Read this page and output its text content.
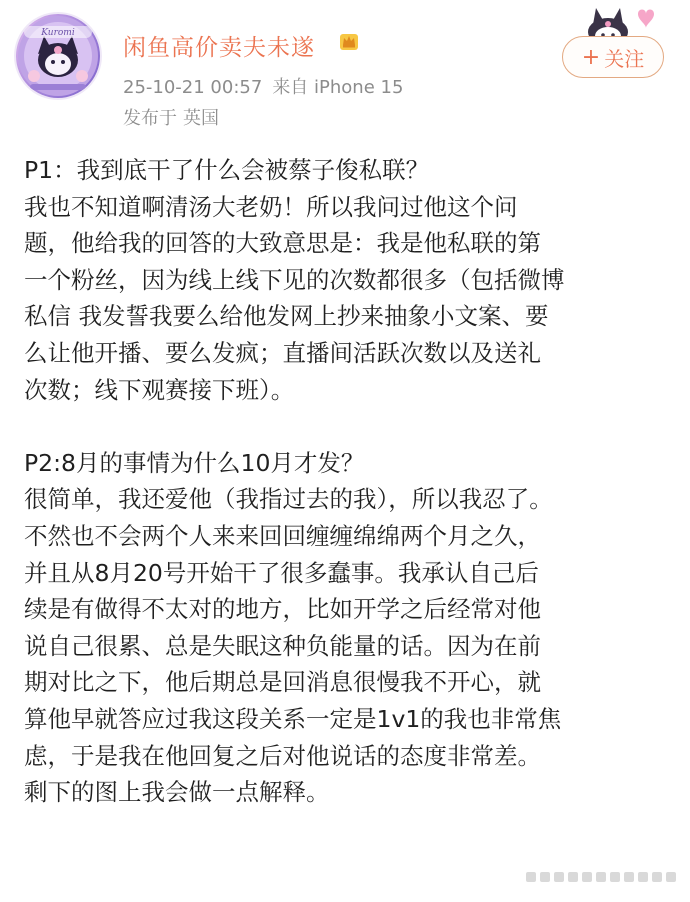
Kuromi
闲鱼高价卖夫未遂
25-10-21 00:57 来自 iPhone 15
发布于 英国
+ 关注

P1：我到底干了什么会被蔡子俊私联？

我也不知道啊清汤大老奶！所以我问过他这个问

题，他给我的回答的大致意思是：我是他私联的第

一个粉丝，因为线上线下见的次数都很多（包括微博

私信 我发誓我要么给他发网上抄来抽象小文案、要

么让他开播、要么发疯；直播间活跃次数以及送礼

次数；线下观赛接下班）。

P2:8月的事情为什么10月才发？

很简单，我还爱他（我指过去的我），所以我忍了。

不然也不会两个人来来回回缠缠绵绵两个月之久，

并且从8月20号开始干了很多蠢事。我承认自己后

续是有做得不太对的地方，比如开学之后经常对他

说自己很累、总是失眠这种负能量的话。因为在前

期对比之下，他后期总是回消息很慢我不开心，就

算他早就答应过我这段关系一定是1v1的我也非常焦

虑，于是我在他回复之后对他说话的态度非常差。

剩下的图上我会做一点解释。
